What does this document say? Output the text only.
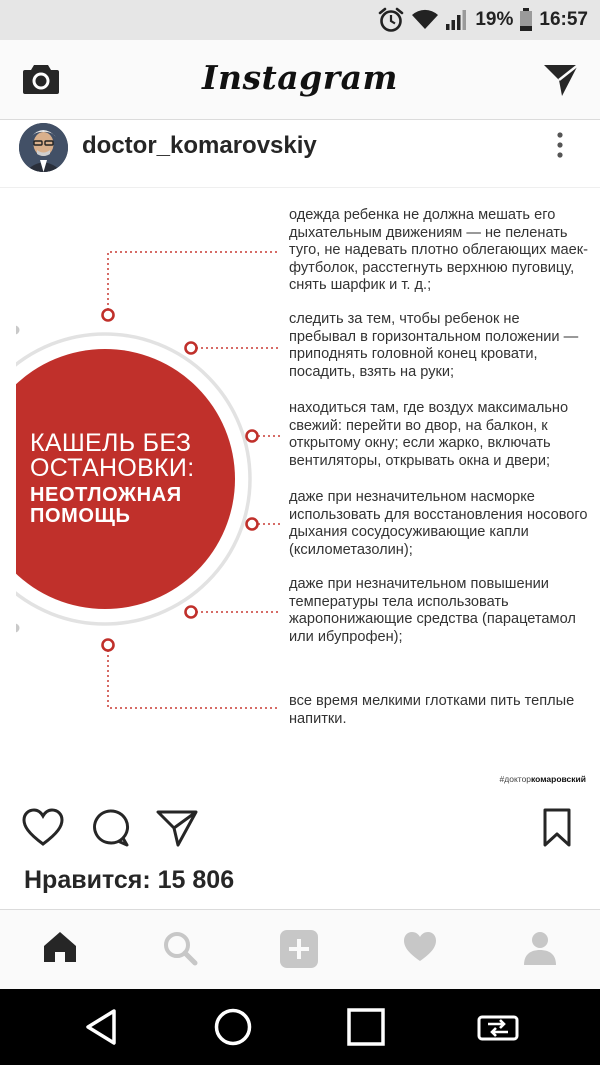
19% 16:57
Instagram
doctor_komarovskiy
КАШЕЛЬ БЕЗ
ОСТАНОВКИ:
НЕОТЛОЖНАЯ
ПОМОЩЬ
одежда ребенка не должна мешать его дыхательным движениям — не пеленать туго, не надевать плотно облегающих маек-футболок, расстегнуть верхнюю пуговицу, снять шарфик и т. д.;
следить за тем, чтобы ребенок не пребывал в горизонтальном положении — приподнять головной конец кровати, посадить, взять на руки;
находиться там, где воздух максимально свежий: перейти во двор, на балкон, к открытому окну; если жарко, включать вентиляторы, открывать окна и двери;
даже при незначительном насморке использовать для восстановления носового дыхания сосудосуживающие капли (ксилометазолин);
даже при незначительном повышении температуры тела использовать жаропонижающие средства (парацетамол или ибупрофен);
все время мелкими глотками пить теплые напитки.
#докторкомаровский
Нравится: 15 806
